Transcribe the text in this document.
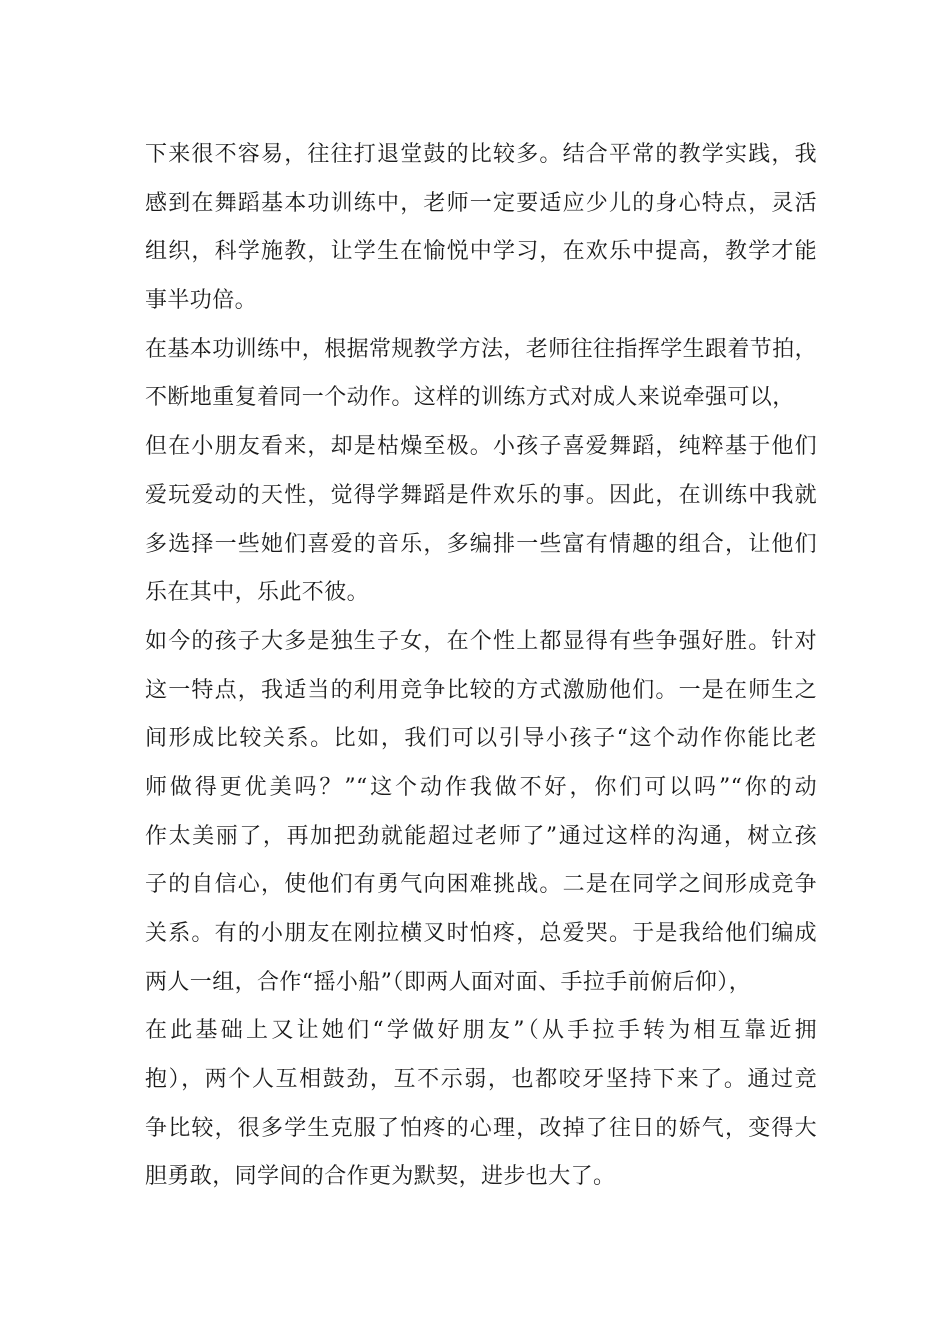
下来很不容易，往往打退堂鼓的比较多。结合平常的教学实践，我
感到在舞蹈基本功训练中，老师一定要适应少儿的身心特点，灵活
组织，科学施教，让学生在愉悦中学习，在欢乐中提高，教学才能
事半功倍。
在基本功训练中，根据常规教学方法，老师往往指挥学生跟着节拍，
不断地重复着同一个动作。这样的训练方式对成人来说牵强可以，
但在小朋友看来，却是枯燥至极。小孩子喜爱舞蹈，纯粹基于他们
爱玩爱动的天性，觉得学舞蹈是件欢乐的事。因此，在训练中我就
多选择一些她们喜爱的音乐，多编排一些富有情趣的组合，让他们
乐在其中，乐此不彼。
如今的孩子大多是独生子女，在个性上都显得有些争强好胜。针对
这一特点，我适当的利用竞争比较的方式激励他们。一是在师生之
间形成比较关系。比如，我们可以引导小孩子“这个动作你能比老
师做得更优美吗？”“这个动作我做不好，你们可以吗”“你的动
作太美丽了，再加把劲就能超过老师了”通过这样的沟通，树立孩
子的自信心，使他们有勇气向困难挑战。二是在同学之间形成竞争
关系。有的小朋友在刚拉横叉时怕疼，总爱哭。于是我给他们编成
两人一组，合作“摇小船”（即两人面对面、手拉手前俯后仰），
在此基础上又让她们“学做好朋友”（从手拉手转为相互靠近拥
抱），两个人互相鼓劲，互不示弱，也都咬牙坚持下来了。通过竞
争比较，很多学生克服了怕疼的心理，改掉了往日的娇气，变得大
胆勇敢，同学间的合作更为默契，进步也大了。
